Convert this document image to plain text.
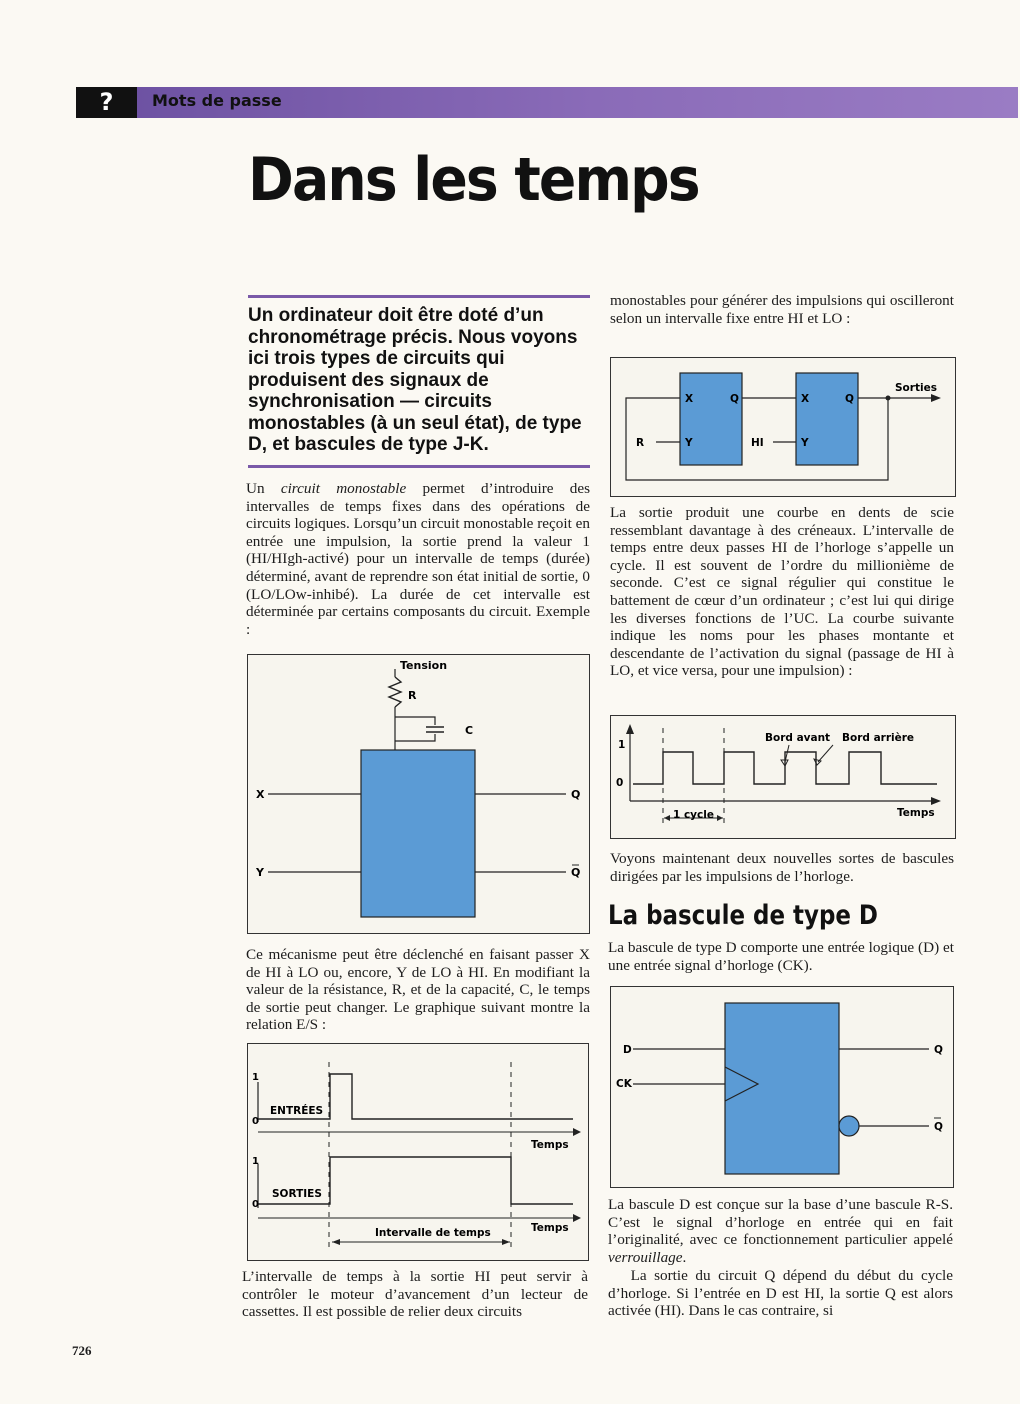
?	Mots de passe
Dans les temps
Un ordinateur doit être doté d’un chronométrage précis. Nous voyons ici trois types de circuits qui produisent des signaux de synchronisation — circuits monostables (à un seul état), de type D, et bascules de type J-K.
Un circuit monostable permet d’introduire des intervalles de temps fixes dans des opérations de circuits logiques. Lorsqu’un circuit monostable reçoit en entrée une impulsion, la sortie prend la valeur 1 (HI/HIgh-activé) pour un intervalle de temps (durée) déterminé, avant de reprendre son état initial de sortie, 0 (LO/LOw-inhibé). La durée de cet intervalle est déterminée par certains composants du circuit. Exemple :
Tension
R
C
X
Y
Q
Q
Ce mécanisme peut être déclenché en faisant passer X de HI à LO ou, encore, Y de LO à HI. En modifiant la valeur de la résistance, R, et de la capacité, C, le temps de sortie peut changer. Le graphique suivant montre la relation E/S :
1
0
ENTRÉES
Temps
1
0
SORTIES
Temps
Intervalle de temps
L’intervalle de temps à la sortie HI peut servir à contrôler le moteur d’avancement d’un lecteur de cassettes. Il est possible de relier deux circuits
monostables pour générer des impulsions qui oscilleront selon un intervalle fixe entre HI et LO :
X	Q	X	Q
Y	Y
R	HI
Sorties
La sortie produit une courbe en dents de scie ressemblant davantage à des créneaux. L’intervalle de temps entre deux passes HI de l’horloge s’appelle un cycle. Il est souvent de l’ordre du millionième de seconde. C’est ce signal régulier qui constitue le battement de cœur d’un ordinateur ; c’est lui qui dirige les diverses fonctions de l’UC. La courbe suivante indique les noms pour les phases montante et descendante de l’activation du signal (passage de HI à LO, et vice versa, pour une impulsion) :
1
0
Bord avant Bord arrière
1 cycle	Temps
Voyons maintenant deux nouvelles sortes de bascules dirigées par les impulsions de l’horloge.
La bascule de type D
La bascule de type D comporte une entrée logique (D) et une entrée signal d’horloge (CK).
D
CK
Q
Q
La bascule D est conçue sur la base d’une bascule R-S. C’est le signal d’horloge en entrée qui en fait l’originalité, avec ce fonctionnement particulier appelé verrouillage.
La sortie du circuit Q dépend du début du cycle d’horloge. Si l’entrée en D est HI, la sortie Q est alors activée (HI). Dans le cas contraire, si
726
